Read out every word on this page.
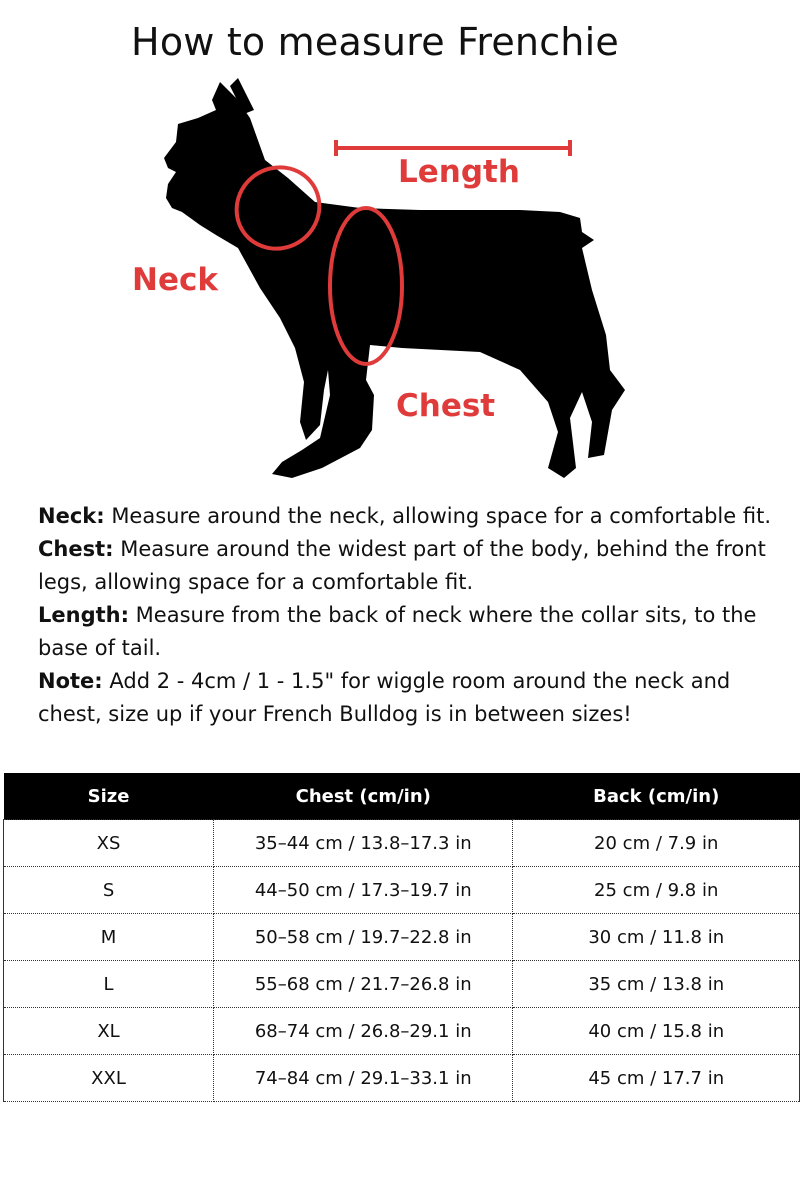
How to measure Frenchie
Length
Neck
Chest

Neck: Measure around the neck, allowing space for a comfortable fit.

Chest: Measure around the widest part of the body, behind the front legs, allowing space for a comfortable fit.

Length: Measure from the back of neck where the collar sits, to the base of tail.

Note: Add 2 - 4cm / 1 - 1.5" for wiggle room around the neck and chest, size up if your French Bulldog is in between sizes!

Size	Chest (cm/in)	Back (cm/in)
XS	35–44 cm / 13.8–17.3 in	20 cm / 7.9 in
S	44–50 cm / 17.3–19.7 in	25 cm / 9.8 in
M	50–58 cm / 19.7–22.8 in	30 cm / 11.8 in
L	55–68 cm / 21.7–26.8 in	35 cm / 13.8 in
XL	68–74 cm / 26.8–29.1 in	40 cm / 15.8 in
XXL	74–84 cm / 29.1–33.1 in	45 cm / 17.7 in
